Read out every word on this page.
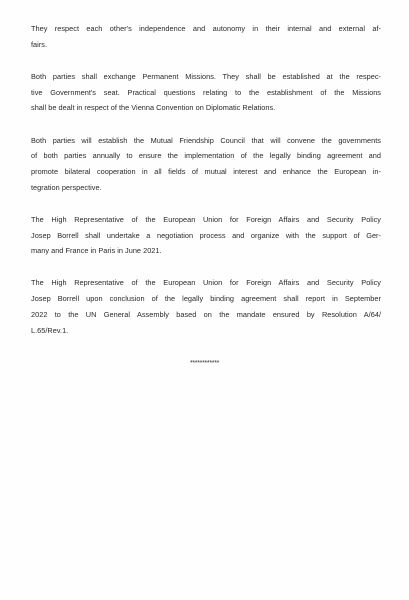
They respect each other's independence and autonomy in their internal and external af-
fairs.

Both parties shall exchange Permanent Missions. They shall be established at the respec-
tive Government's seat. Practical questions relating to the establishment of the Missions
shall be dealt in respect of the Vienna Convention on Diplomatic Relations.

Both parties will establish the Mutual Friendship Council that will convene the governments
of both parties annually to ensure the implementation of the legally binding agreement and
promote bilateral cooperation in all fields of mutual interest and enhance the European in-
tegration perspective.

The High Representative of the European Union for Foreign Affairs and Security Policy
Josep Borrell shall undertake a negotiation process and organize with the support of Ger-
many and France in Paris in June 2021.

The High Representative of the European Union for Foreign Affairs and Security Policy
Josep Borrell upon conclusion of the legally binding agreement shall report in September
2022 to the UN General Assembly based on the mandate ensured by Resolution A/64/
L.65/Rev.1.

************
